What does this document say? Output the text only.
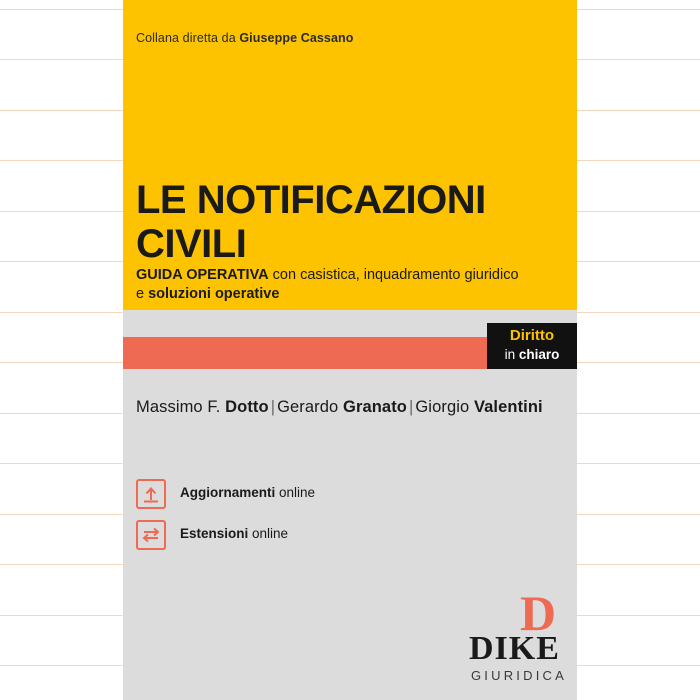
Collana diretta da Giuseppe Cassano
LE NOTIFICAZIONI
CIVILI
GUIDA OPERATIVA con casistica, inquadramento giuridico
e soluzioni operative
Diritto
in chiaro
Massimo F. Dotto | Gerardo Granato | Giorgio Valentini
Aggiornamenti online
Estensioni online
D
DIKE
GIURIDICA
